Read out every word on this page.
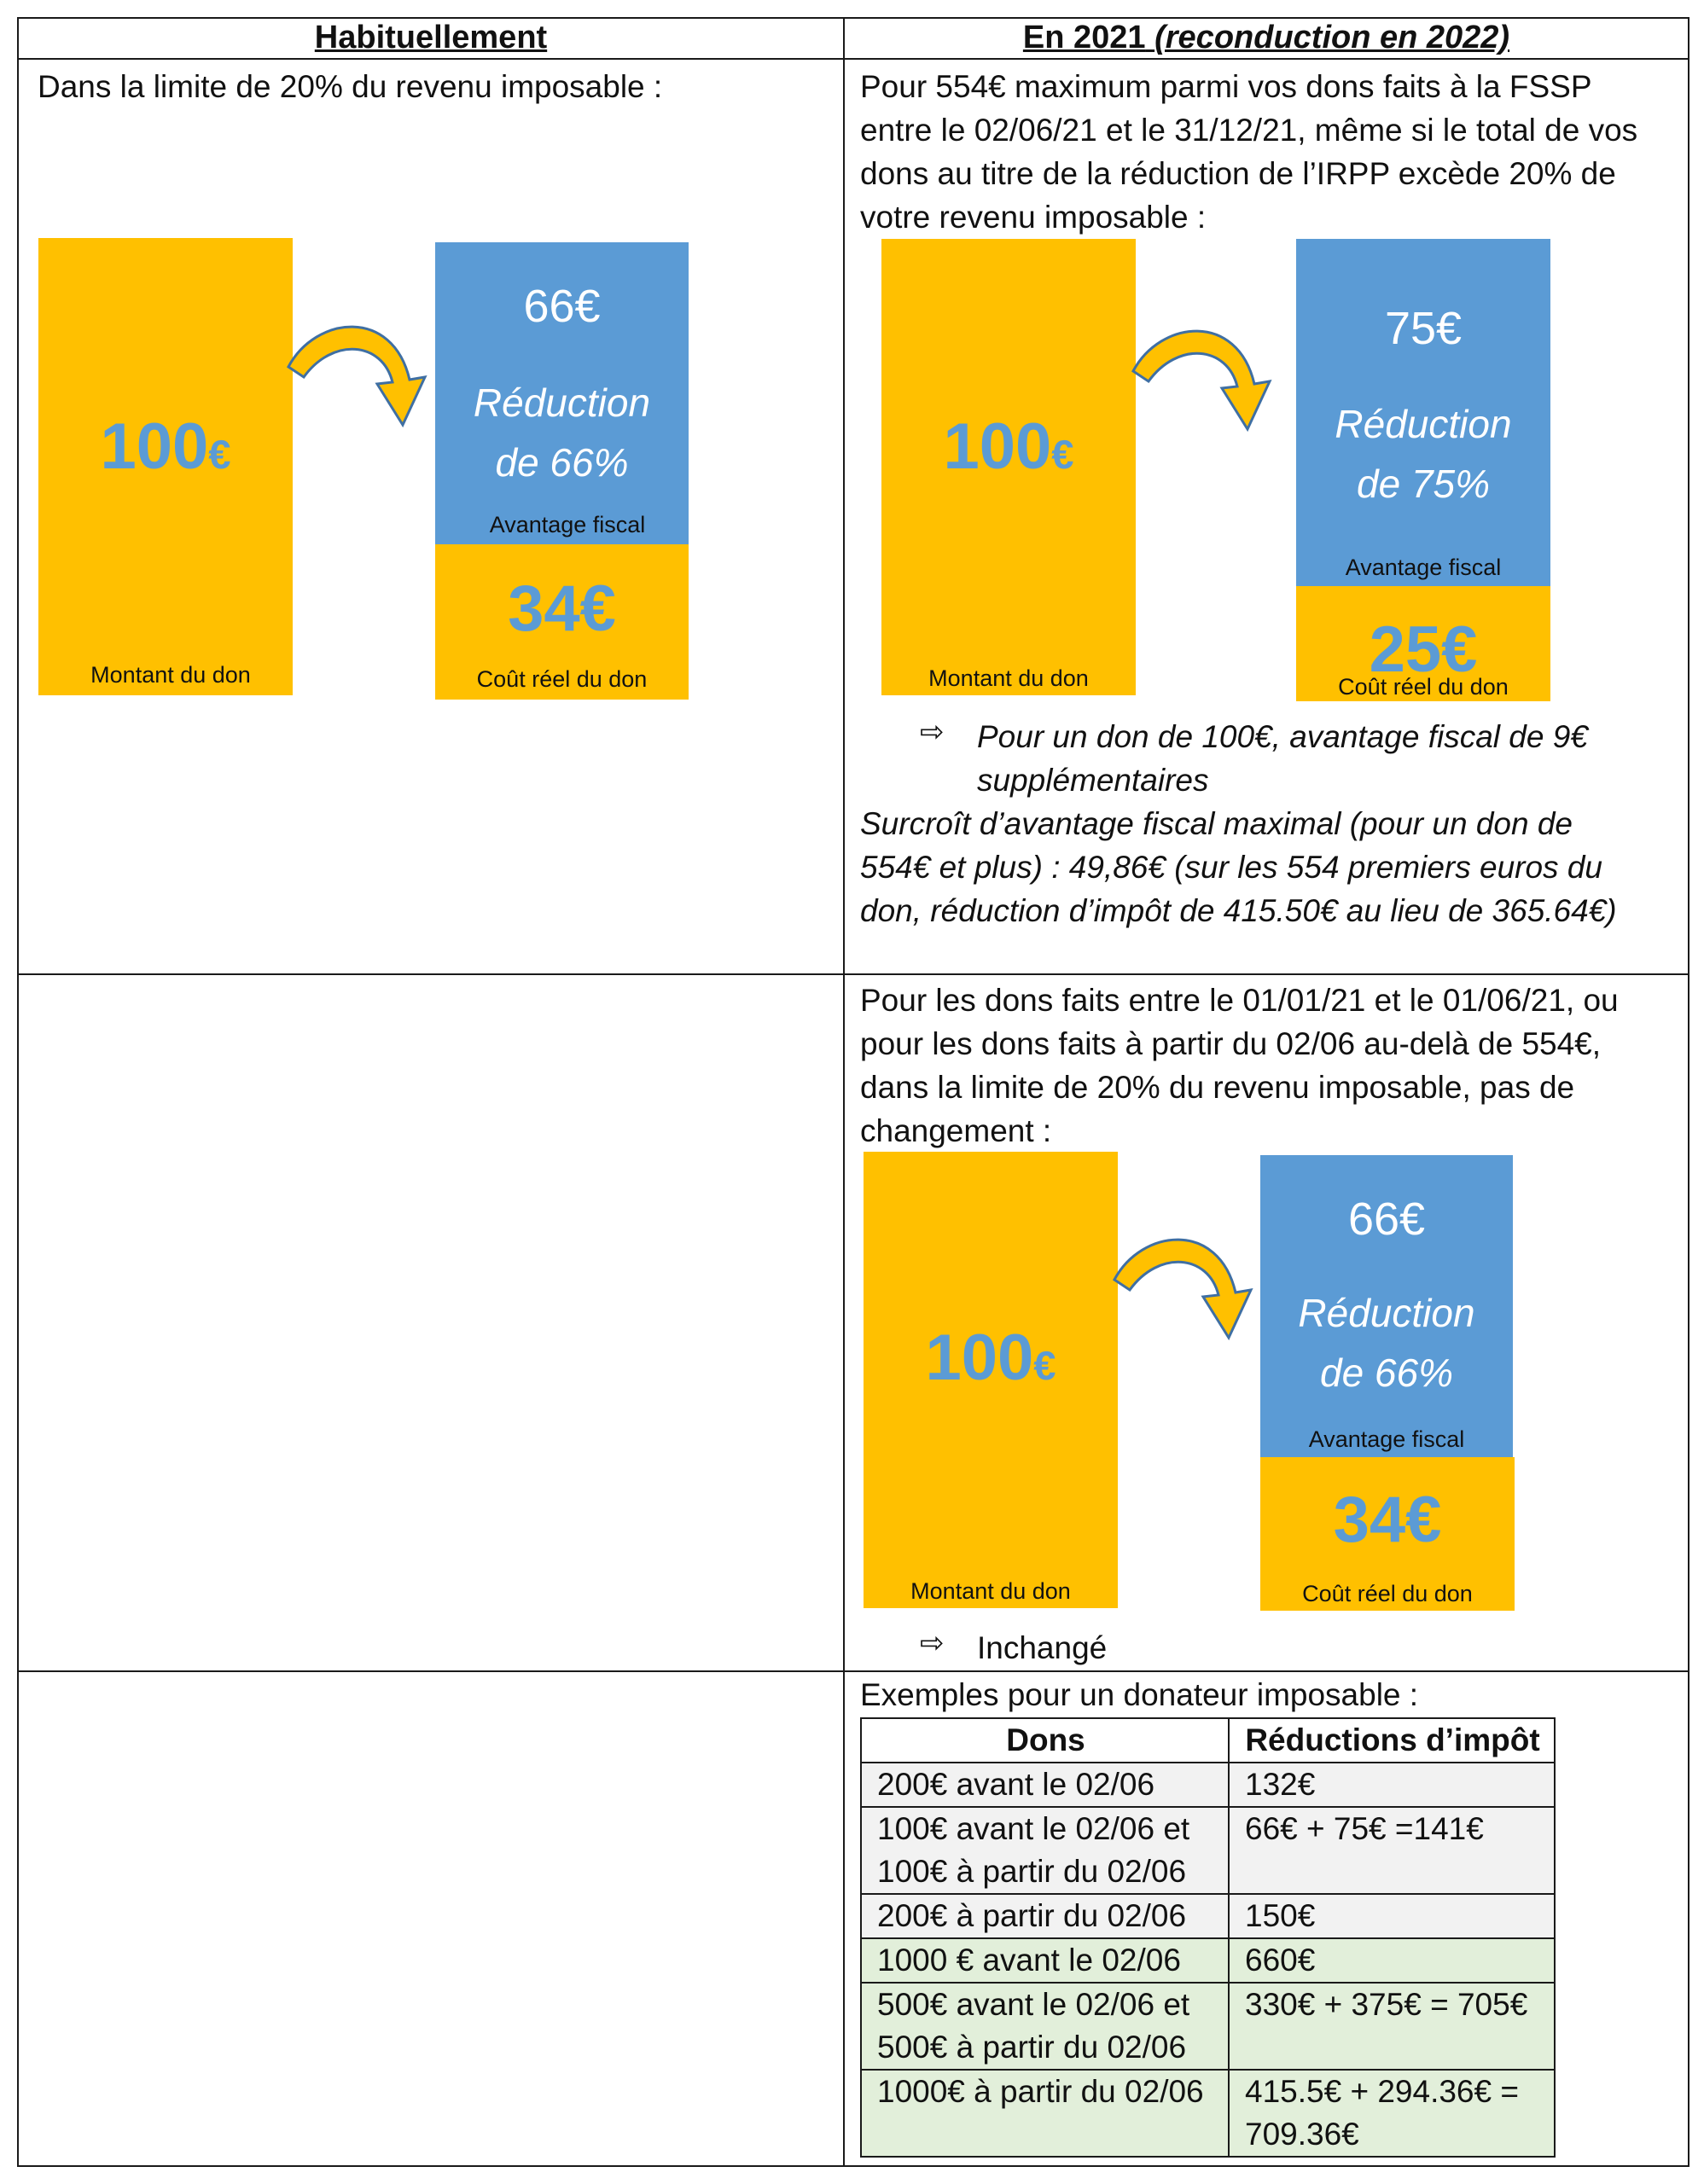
Habituellement	En 2021 (reconduction en 2022)
Dans la limite de 20% du revenu imposable :
100€
Montant du don
66€
Réduction
de 66%
Avantage fiscal
34€
Coût réel du don
Pour 554€ maximum parmi vos dons faits à la FSSP entre le 02/06/21 et le 31/12/21, même si le total de vos dons au titre de la réduction de l’IRPP excède 20% de votre revenu imposable :
100€
Montant du don
75€
Réduction
de 75%
Avantage fiscal
25€
Coût réel du don
⇨ Pour un don de 100€, avantage fiscal de 9€
supplémentaires
Surcroît d’avantage fiscal maximal (pour un don de
554€ et plus) : 49,86€ (sur les 554 premiers euros du
don, réduction d’impôt de 415.50€ au lieu de 365.64€)
Pour les dons faits entre le 01/01/21 et le 01/06/21, ou pour les dons faits à partir du 02/06 au-delà de 554€, dans la limite de 20% du revenu imposable, pas de changement :
100€
Montant du don
66€
Réduction
de 66%
Avantage fiscal
34€
Coût réel du don
⇨ Inchangé
Exemples pour un donateur imposable :
Dons	Réductions d’impôt
200€ avant le 02/06	132€
100€ avant le 02/06 et 100€ à partir du 02/06	66€ + 75€ =141€
200€ à partir du 02/06	150€
1000 € avant le 02/06	660€
500€ avant le 02/06 et 500€ à partir du 02/06	330€ + 375€ = 705€
1000€ à partir du 02/06	415.5€ + 294.36€ = 709.36€
